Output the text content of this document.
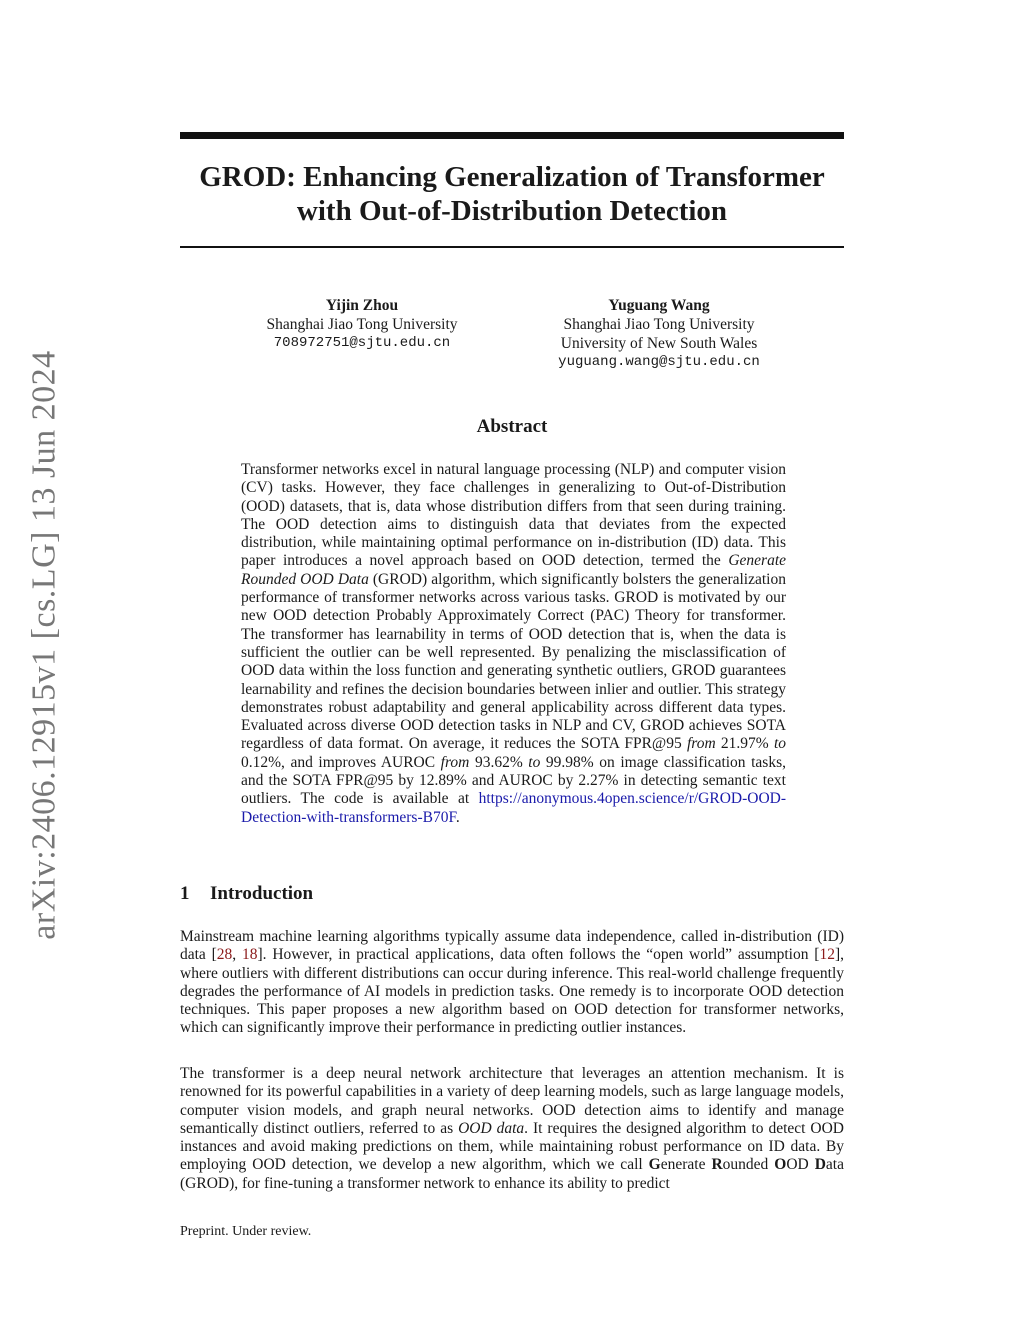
arXiv:2406.12915v1 [cs.LG] 13 Jun 2024
GROD: Enhancing Generalization of Transformer with Out-of-Distribution Detection
Yijin Zhou
Shanghai Jiao Tong University
708972751@sjtu.edu.cn
Yuguang Wang
Shanghai Jiao Tong University
University of New South Wales
yuguang.wang@sjtu.edu.cn
Abstract
Transformer networks excel in natural language processing (NLP) and computer vision (CV) tasks. However, they face challenges in generalizing to Out-of-Distribution (OOD) datasets, that is, data whose distribution differs from that seen during training. The OOD detection aims to distinguish data that deviates from the expected distribution, while maintaining optimal performance on in-distribution (ID) data. This paper introduces a novel approach based on OOD detection, termed the Generate Rounded OOD Data (GROD) algorithm, which significantly bolsters the generalization performance of transformer networks across various tasks. GROD is motivated by our new OOD detection Probably Approximately Correct (PAC) Theory for transformer. The transformer has learnability in terms of OOD detection that is, when the data is sufficient the outlier can be well represented. By penalizing the misclassification of OOD data within the loss function and generating synthetic outliers, GROD guarantees learnability and refines the decision boundaries between inlier and outlier. This strategy demonstrates robust adaptability and general applicability across different data types. Evaluated across diverse OOD detection tasks in NLP and CV, GROD achieves SOTA regardless of data format. On average, it reduces the SOTA FPR@95 from 21.97% to 0.12%, and improves AUROC from 93.62% to 99.98% on image classification tasks, and the SOTA FPR@95 by 12.89% and AUROC by 2.27% in detecting semantic text outliers. The code is available at https://anonymous.4open.science/r/GROD-OOD-Detection-with-transformers-B70F.
1 Introduction

Mainstream machine learning algorithms typically assume data independence, called in-distribution (ID) data [28, 18]. However, in practical applications, data often follows the “open world” assumption [12], where outliers with different distributions can occur during inference. This real-world challenge frequently degrades the performance of AI models in prediction tasks. One remedy is to incorporate OOD detection techniques. This paper proposes a new algorithm based on OOD detection for transformer networks, which can significantly improve their performance in predicting outlier instances.

The transformer is a deep neural network architecture that leverages an attention mechanism. It is renowned for its powerful capabilities in a variety of deep learning models, such as large language models, computer vision models, and graph neural networks. OOD detection aims to identify and manage semantically distinct outliers, referred to as OOD data. It requires the designed algorithm to detect OOD instances and avoid making predictions on them, while maintaining robust performance on ID data. By employing OOD detection, we develop a new algorithm, which we call Generate Rounded OOD Data (GROD), for fine-tuning a transformer network to enhance its ability to predict

Preprint. Under review.
